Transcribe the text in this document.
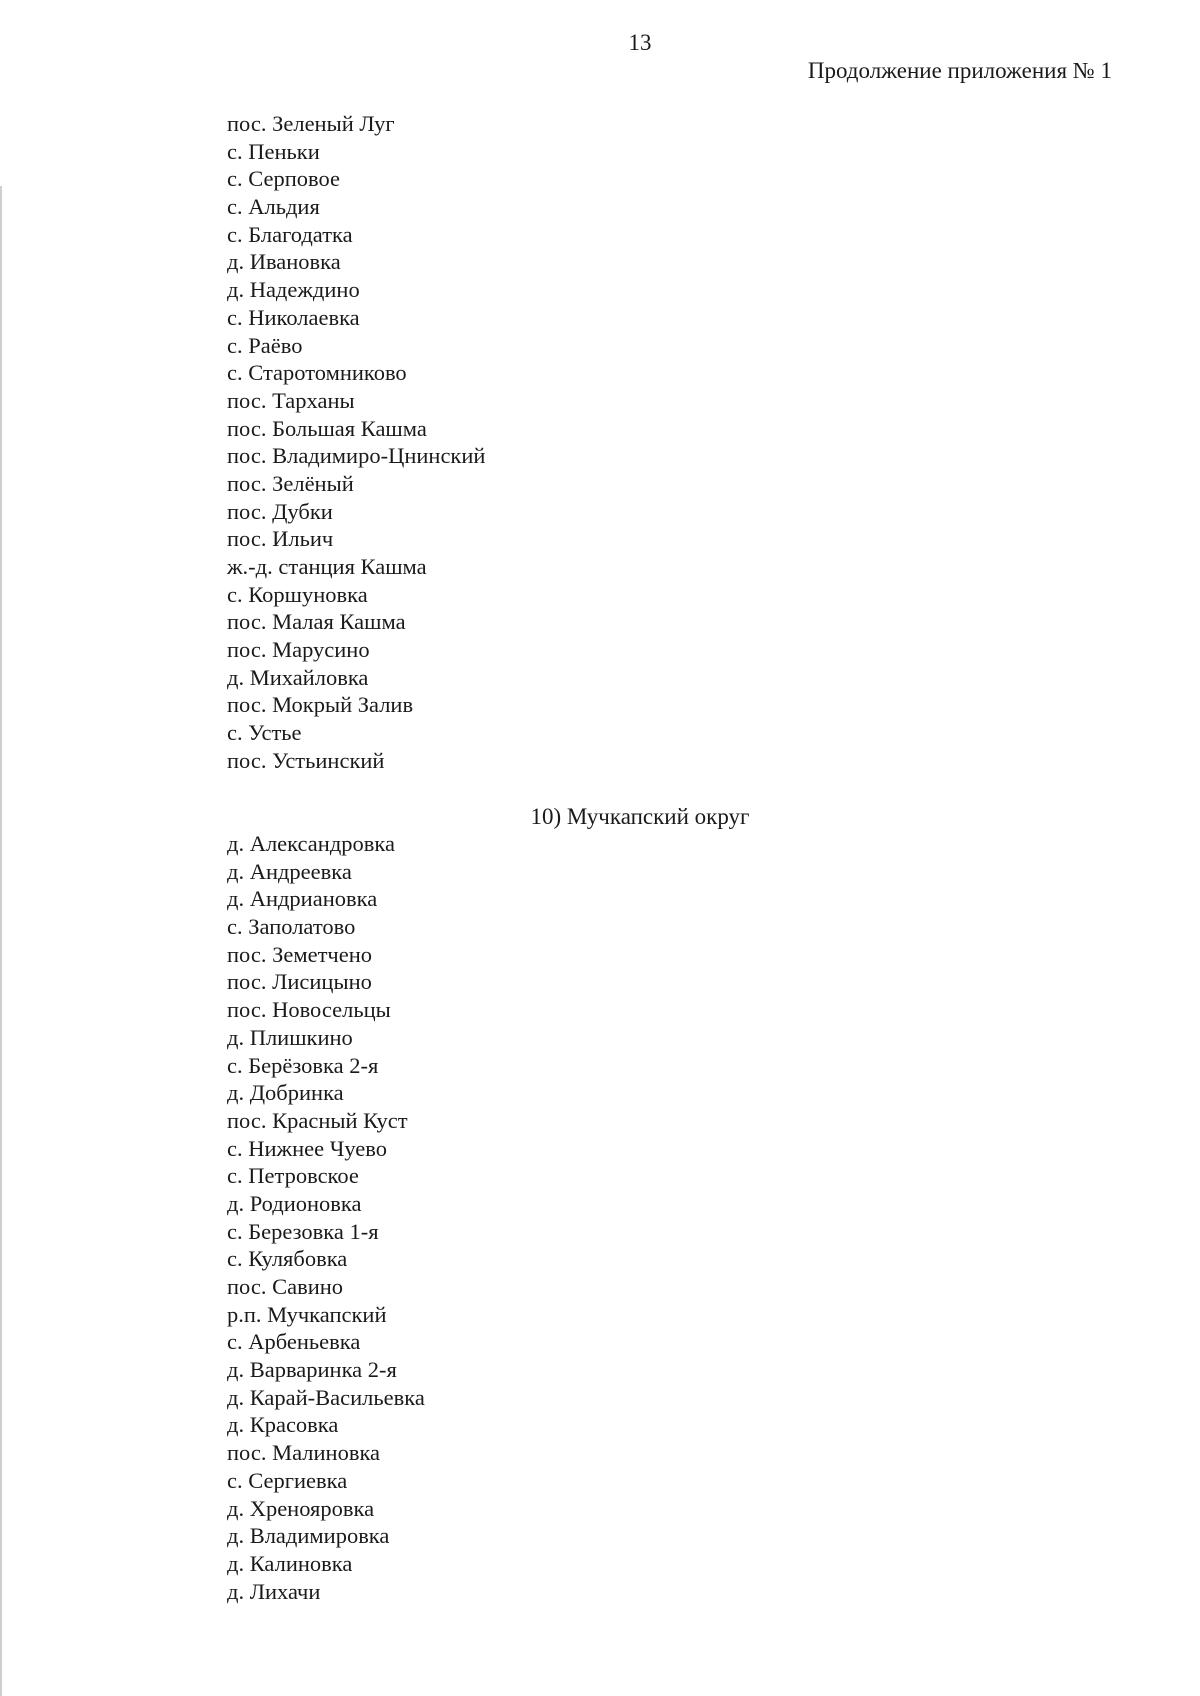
13
Продолжение приложения № 1
пос. Зеленый Луг
с. Пеньки
с. Серповое
с. Альдия
с. Благодатка
д. Ивановка
д. Надеждино
с. Николаевка
с. Раёво
с. Старотомниково
пос. Тарханы
пос. Большая Кашма
пос. Владимиро-Цнинский
пос. Зелёный
пос. Дубки
пос. Ильич
ж.-д. станция Кашма
с. Коршуновка
пос. Малая Кашма
пос. Марусино
д. Михайловка
пос. Мокрый Залив
с. Устье
пос. Устьинский
10) Мучкапский округ
д. Александровка
д. Андреевка
д. Андриановка
с. Заполатово
пос. Земетчено
пос. Лисицыно
пос. Новосельцы
д. Плишкино
с. Берёзовка 2-я
д. Добринка
пос. Красный Куст
с. Нижнее Чуево
с. Петровское
д. Родионовка
с. Березовка 1-я
с. Кулябовка
пос. Савино
р.п. Мучкапский
с. Арбеньевка
д. Варваринка 2-я
д. Карай-Васильевка
д. Красовка
пос. Малиновка
с. Сергиевка
д. Хренояровка
д. Владимировка
д. Калиновка
д. Лихачи
